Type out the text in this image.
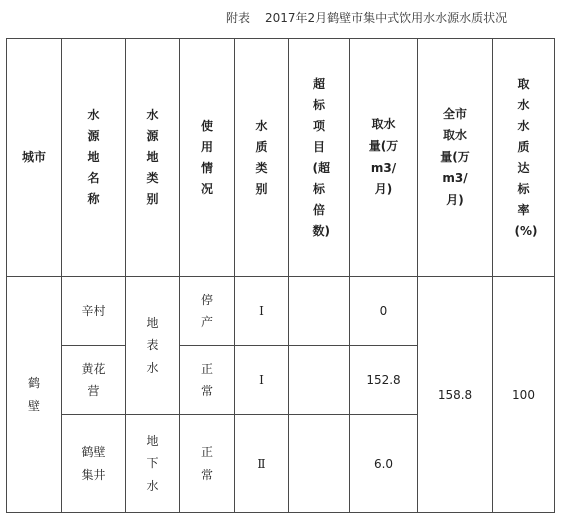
附表 2017年2月鹤壁市集中式饮用水水源水质状况
城市	水源地名称	水源地类别	使用情况	水质类别	超标项目(超标倍数)	取水量(万m3/月)	全市取水量(万m3/月)	取水水质达标率(%)
鹤壁	辛村	地表水	停产	Ⅰ		0	158.8	100
	黄花营		正常	Ⅰ		152.8		
	鹤壁集井	地下水	正常	Ⅱ		6.0		
